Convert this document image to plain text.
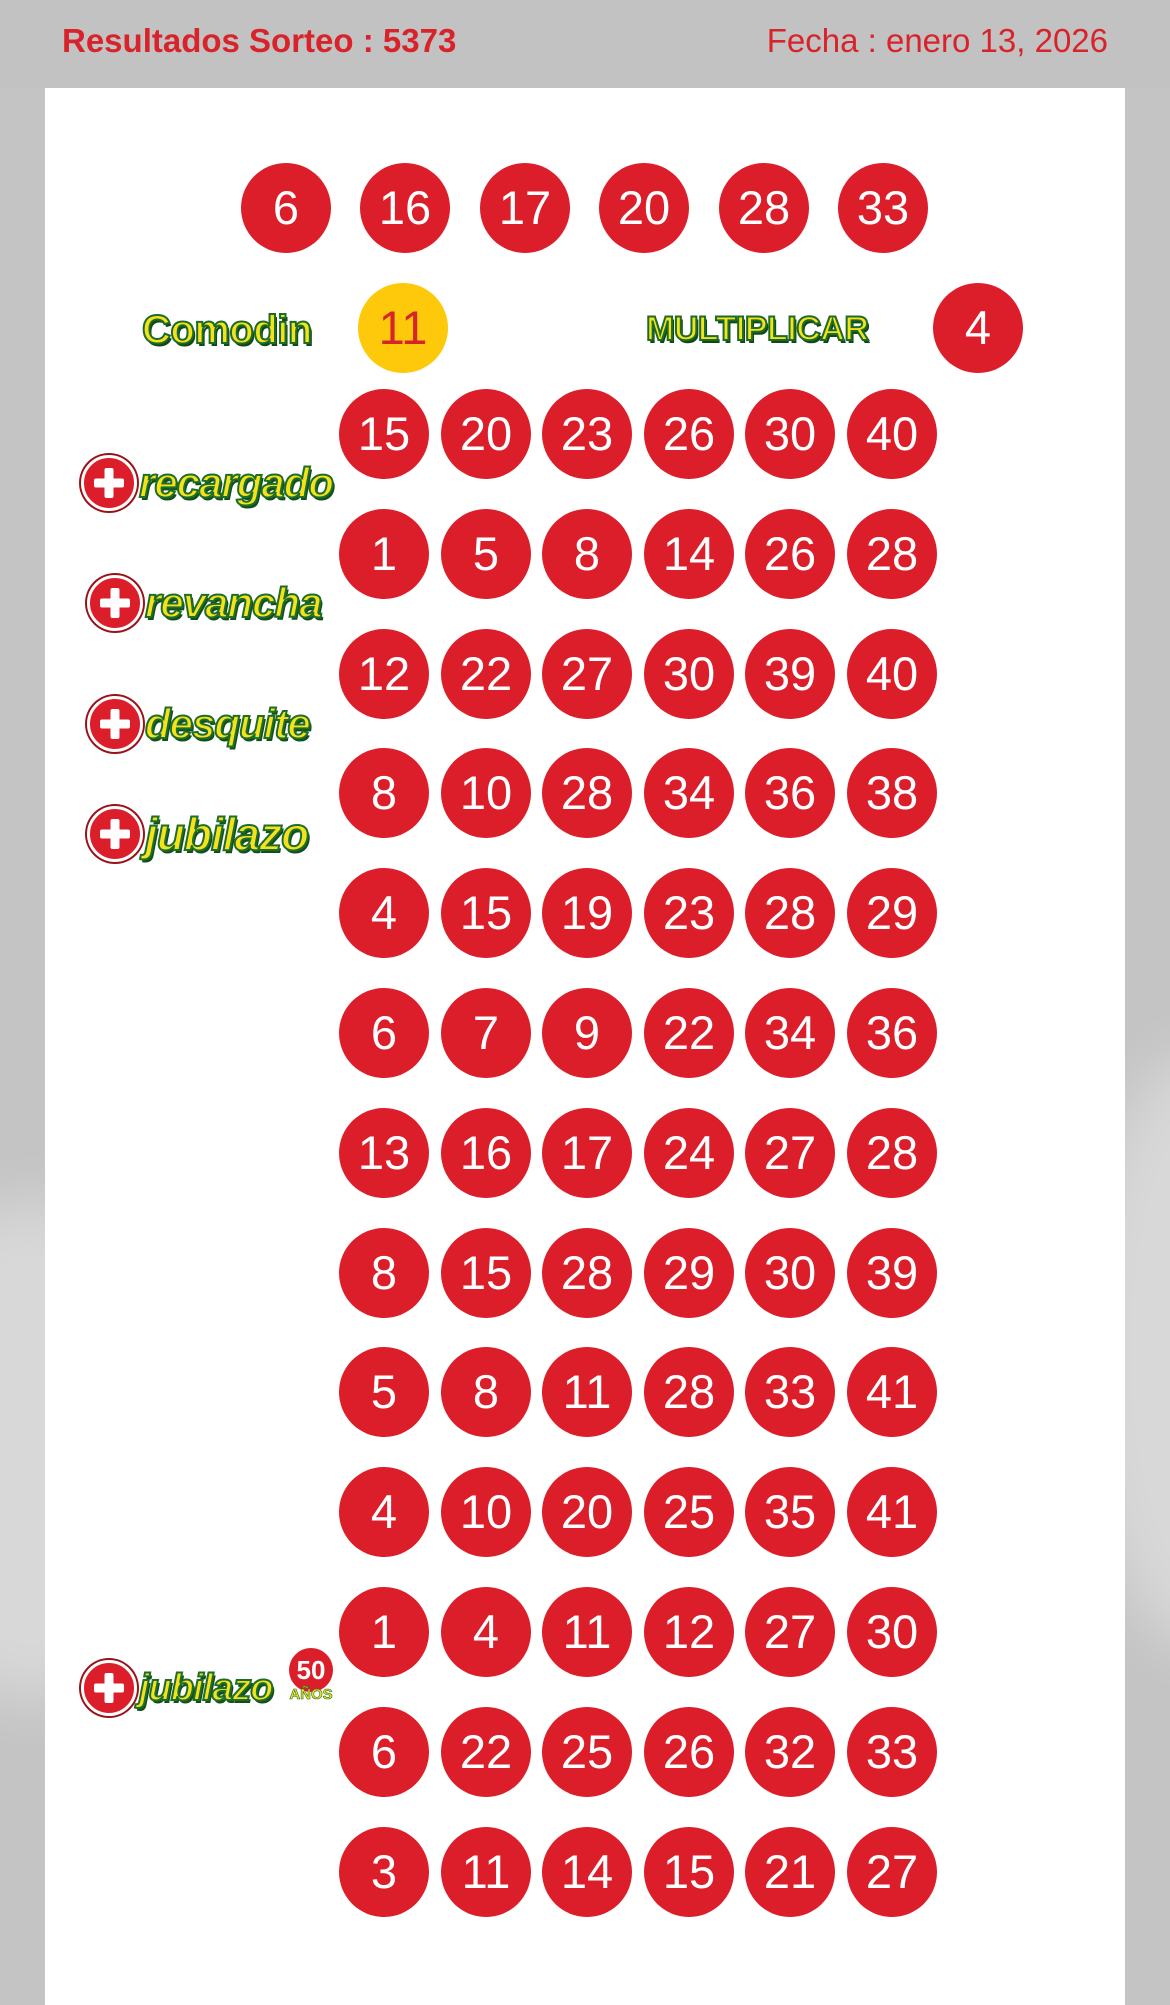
Resultados Sorteo : 5373	Fecha : enero 13, 2026
6	16	17	20	28	33
Comodin	11	MULTIPLICAR	4
recargado
revancha
desquite
jubilazo
jubilazo 50
AÑOS
15	20	23	26	30	40
1	5	8	14	26	28
12	22	27	30	39	40
8	10	28	34	36	38
4	15	19	23	28	29
6	7	9	22	34	36
13	16	17	24	27	28
8	15	28	29	30	39
5	8	11	28	33	41
4	10	20	25	35	41
1	4	11	12	27	30
6	22	25	26	32	33
3	11	14	15	21	27
